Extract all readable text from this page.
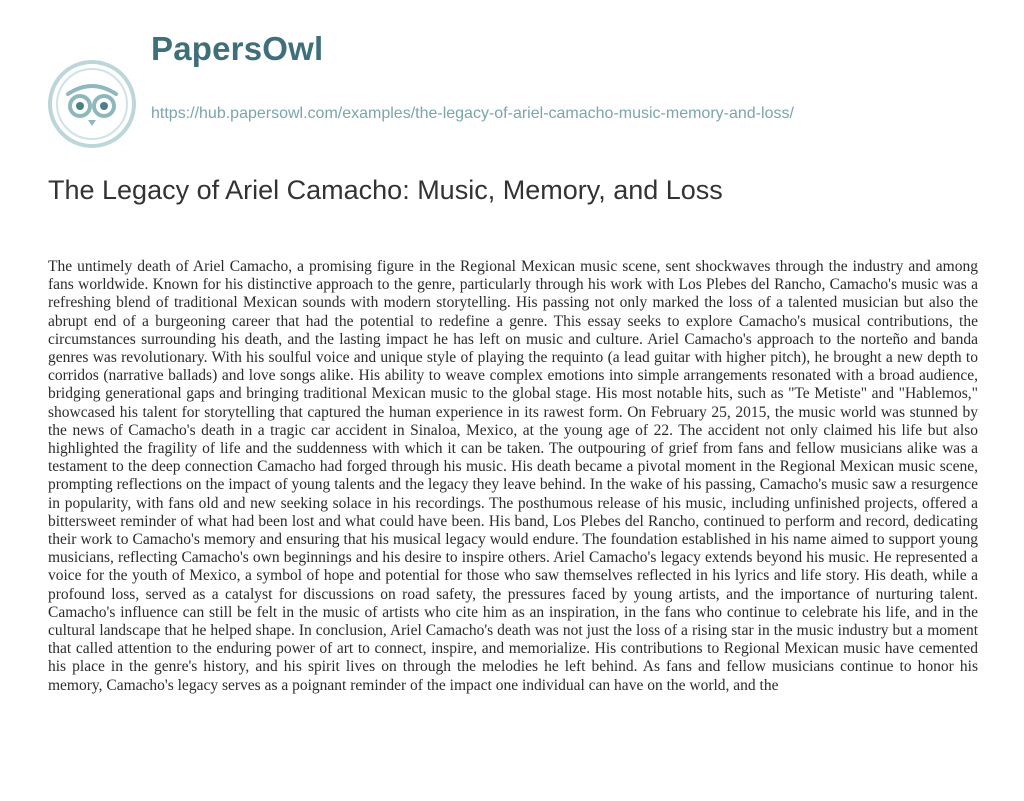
PapersOwl
https://hub.papersowl.com/examples/the-legacy-of-ariel-camacho-music-memory-and-loss/
The Legacy of Ariel Camacho: Music, Memory, and Loss

The untimely death of Ariel Camacho, a promising figure in the Regional Mexican music scene, sent shockwaves through the industry and among fans worldwide. Known for his distinctive approach to the genre, particularly through his work with Los Plebes del Rancho, Camacho's music was a refreshing blend of traditional Mexican sounds with modern storytelling. His passing not only marked the loss of a talented musician but also the abrupt end of a burgeoning career that had the potential to redefine a genre. This essay seeks to explore Camacho's musical contributions, the circumstances surrounding his death, and the lasting impact he has left on music and culture. Ariel Camacho's approach to the norteño and banda genres was revolutionary. With his soulful voice and unique style of playing the requinto (a lead guitar with higher pitch), he brought a new depth to corridos (narrative ballads) and love songs alike. His ability to weave complex emotions into simple arrangements resonated with a broad audience, bridging generational gaps and bringing traditional Mexican music to the global stage. His most notable hits, such as "Te Metiste" and "Hablemos," showcased his talent for storytelling that captured the human experience in its rawest form. On February 25, 2015, the music world was stunned by the news of Camacho's death in a tragic car accident in Sinaloa, Mexico, at the young age of 22. The accident not only claimed his life but also highlighted the fragility of life and the suddenness with which it can be taken. The outpouring of grief from fans and fellow musicians alike was a testament to the deep connection Camacho had forged through his music. His death became a pivotal moment in the Regional Mexican music scene, prompting reflections on the impact of young talents and the legacy they leave behind. In the wake of his passing, Camacho's music saw a resurgence in popularity, with fans old and new seeking solace in his recordings. The posthumous release of his music, including unfinished projects, offered a bittersweet reminder of what had been lost and what could have been. His band, Los Plebes del Rancho, continued to perform and record, dedicating their work to Camacho's memory and ensuring that his musical legacy would endure. The foundation established in his name aimed to support young musicians, reflecting Camacho's own beginnings and his desire to inspire others. Ariel Camacho's legacy extends beyond his music. He represented a voice for the youth of Mexico, a symbol of hope and potential for those who saw themselves reflected in his lyrics and life story. His death, while a profound loss, served as a catalyst for discussions on road safety, the pressures faced by young artists, and the importance of nurturing talent. Camacho's influence can still be felt in the music of artists who cite him as an inspiration, in the fans who continue to celebrate his life, and in the cultural landscape that he helped shape. In conclusion, Ariel Camacho's death was not just the loss of a rising star in the music industry but a moment that called attention to the enduring power of art to connect, inspire, and memorialize. His contributions to Regional Mexican music have cemented his place in the genre's history, and his spirit lives on through the melodies he left behind. As fans and fellow musicians continue to honor his memory, Camacho's legacy serves as a poignant reminder of the impact one individual can have on the world, and the
